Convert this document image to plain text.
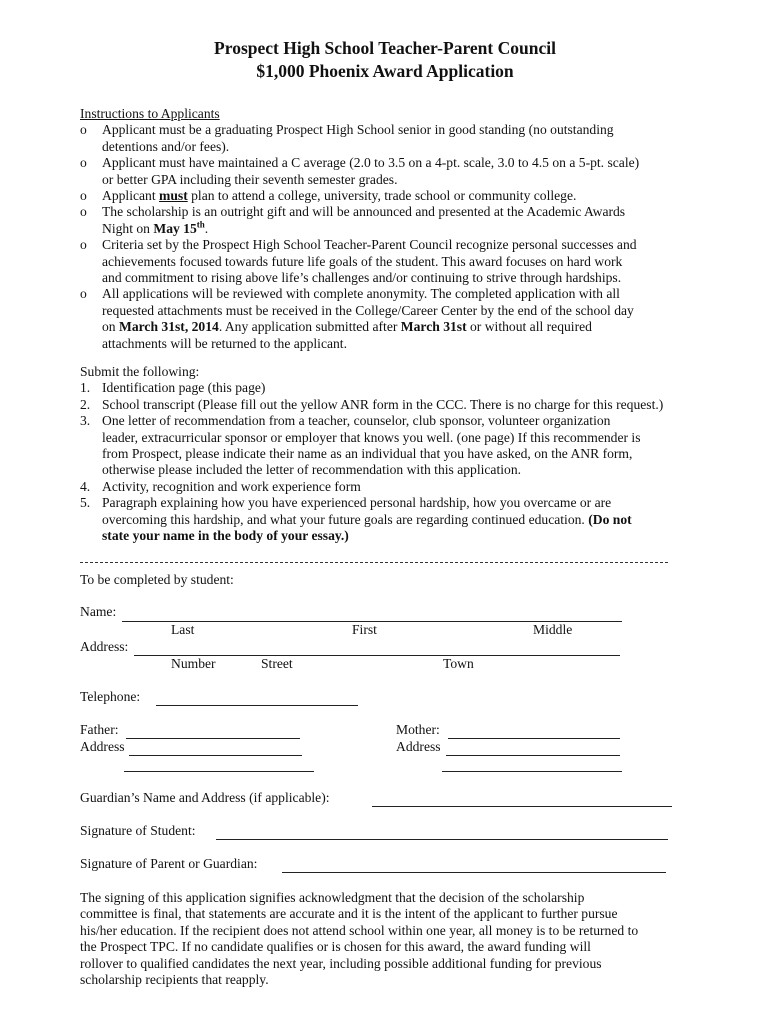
Prospect High School Teacher-Parent Council
$1,000 Phoenix Award Application
Instructions to Applicants
o Applicant must be a graduating Prospect High School senior in good standing (no outstanding
detentions and/or fees).
o Applicant must have maintained a C average (2.0 to 3.5 on a 4-pt. scale, 3.0 to 4.5 on a 5-pt. scale)
or better GPA including their seventh semester grades.
o Applicant must plan to attend a college, university, trade school or community college.
o The scholarship is an outright gift and will be announced and presented at the Academic Awards
Night on May 15th.
o Criteria set by the Prospect High School Teacher-Parent Council recognize personal successes and
achievements focused towards future life goals of the student. This award focuses on hard work
and commitment to rising above life’s challenges and/or continuing to strive through hardships.
o All applications will be reviewed with complete anonymity. The completed application with all
requested attachments must be received in the College/Career Center by the end of the school day
on March 31st, 2014. Any application submitted after March 31st or without all required
attachments will be returned to the applicant.
Submit the following:
1. Identification page (this page)
2. School transcript (Please fill out the yellow ANR form in the CCC. There is no charge for this request.)
3. One letter of recommendation from a teacher, counselor, club sponsor, volunteer organization
leader, extracurricular sponsor or employer that knows you well. (one page) If this recommender is
from Prospect, please indicate their name as an individual that you have asked, on the ANR form,
otherwise please included the letter of recommendation with this application.
4. Activity, recognition and work experience form
5. Paragraph explaining how you have experienced personal hardship, how you overcame or are
overcoming this hardship, and what your future goals are regarding continued education. (Do not
state your name in the body of your essay.)
To be completed by student:
Name:
Last	First	Middle
Address:
Number	Street	Town
Telephone:
Father:
Address
Mother:
Address
Guardian’s Name and Address (if applicable):
Signature of Student:
Signature of Parent or Guardian:
The signing of this application signifies acknowledgment that the decision of the scholarship
committee is final, that statements are accurate and it is the intent of the applicant to further pursue
his/her education. If the recipient does not attend school within one year, all money is to be returned to
the Prospect TPC. If no candidate qualifies or is chosen for this award, the award funding will
rollover to qualified candidates the next year, including possible additional funding for previous
scholarship recipients that reapply.
